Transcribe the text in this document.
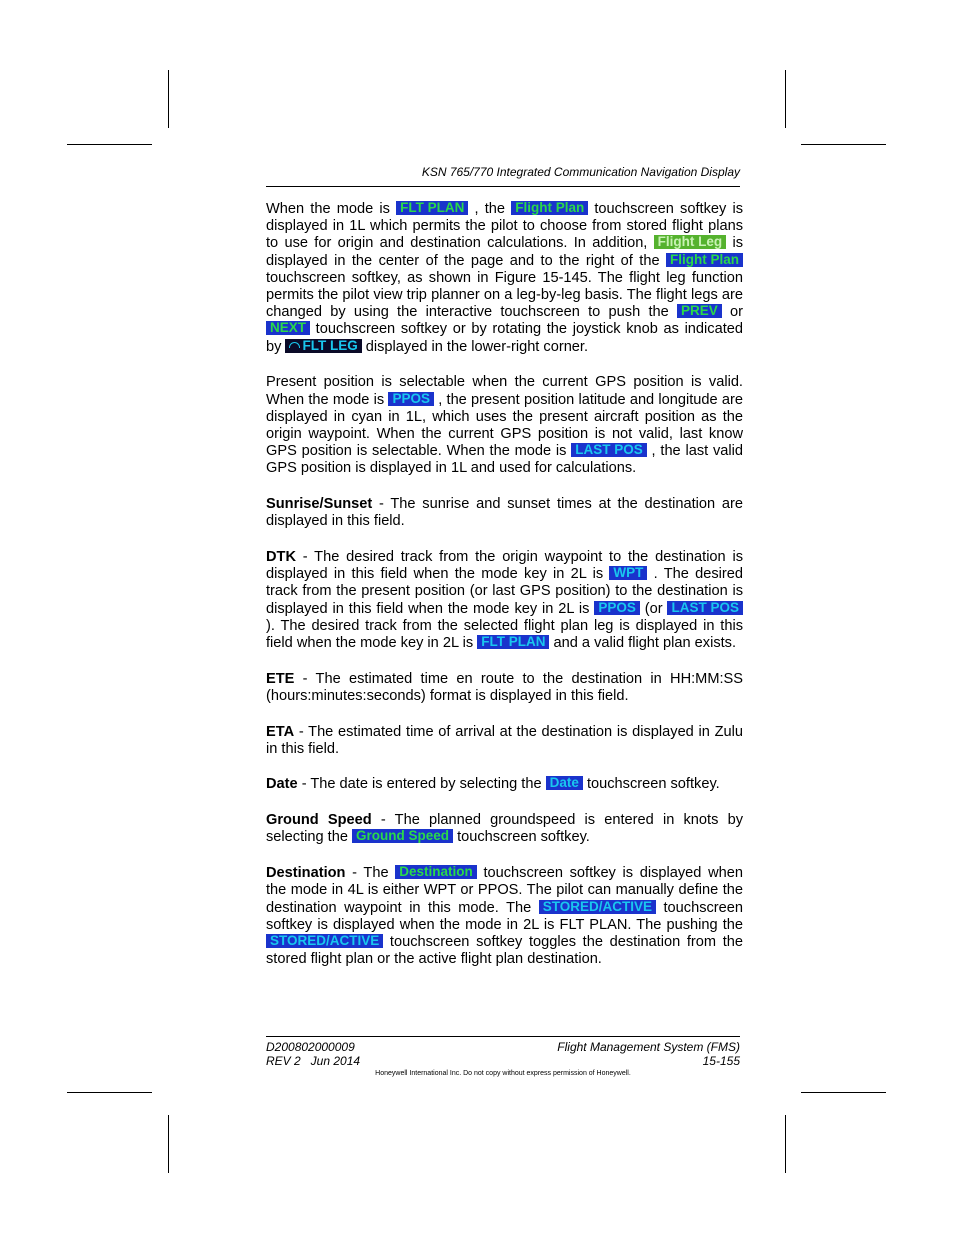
KSN 765/770 Integrated Communication Navigation Display

When the mode is FLT PLAN , the Flight Plan touchscreen softkey is displayed in 1L which permits the pilot to choose from stored flight plans to use for origin and destination calculations. In addition, Flight Leg is displayed in the center of the page and to the right of the Flight Plan touchscreen softkey, as shown in Figure 15-145. The flight leg function permits the pilot view trip planner on a leg-by-leg basis. The flight legs are changed by using the interactive touchscreen to push the PREV or NEXT touchscreen softkey or by rotating the joystick knob as indicated by FLT LEG displayed in the lower-right corner.

Present position is selectable when the current GPS position is valid. When the mode is PPOS , the present position latitude and longitude are displayed in cyan in 1L, which uses the present aircraft position as the origin waypoint. When the current GPS position is not valid, last know GPS position is selectable. When the mode is LAST POS , the last valid GPS position is displayed in 1L and used for calculations.

Sunrise/Sunset - The sunrise and sunset times at the destination are displayed in this field.

DTK - The desired track from the origin waypoint to the destination is displayed in this field when the mode key in 2L is WPT . The desired track from the present position (or last GPS position) to the destination is displayed in this field when the mode key in 2L is PPOS (or LAST POS ). The desired track from the selected flight plan leg is displayed in this field when the mode key in 2L is FLT PLAN and a valid flight plan exists.

ETE - The estimated time en route to the destination in HH:MM:SS (hours:minutes:seconds) format is displayed in this field.

ETA - The estimated time of arrival at the destination is displayed in Zulu in this field.

Date - The date is entered by selecting the Date touchscreen softkey.

Ground Speed - The planned groundspeed is entered in knots by selecting the Ground Speed touchscreen softkey.

Destination - The Destination touchscreen softkey is displayed when the mode in 4L is either WPT or PPOS. The pilot can manually define the destination waypoint in this mode. The STORED/ACTIVE touchscreen softkey is displayed when the mode in 2L is FLT PLAN. The pushing the STORED/ACTIVE touchscreen softkey toggles the destination from the stored flight plan or the active flight plan destination.

D200802000009
REV 2   Jun 2014
Flight Management System (FMS)
15-155
Honeywell International Inc. Do not copy without express permission of Honeywell.
